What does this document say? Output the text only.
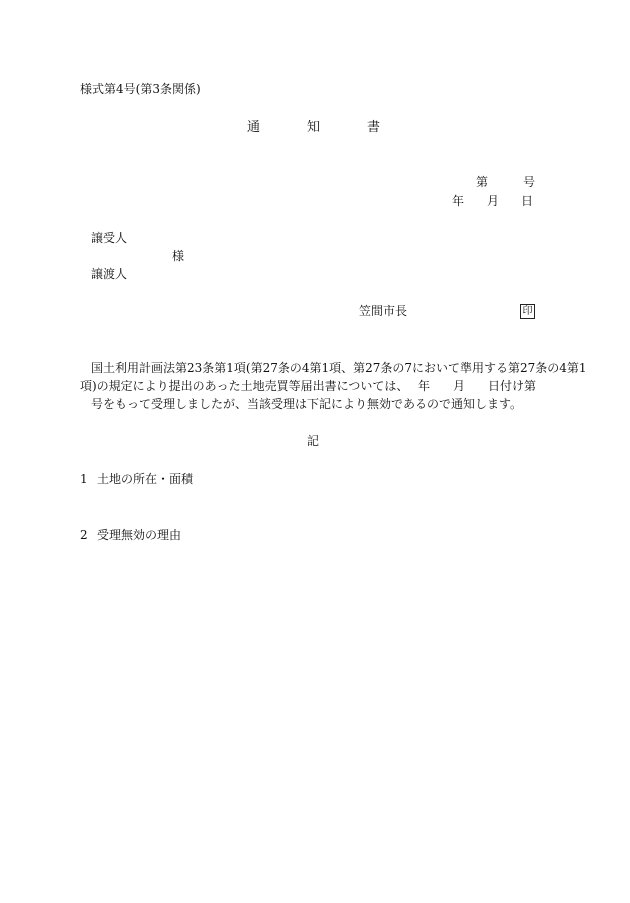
様式第4号(第3条関係)
通	知	書
第	号
年 月 日
譲受人
様
譲渡人
笠間市長	印
国土利用計画法第23条第1項(第27条の4第1項、第27条の7において準用する第27条の4第1
項)の規定により提出のあった土地売買等届出書については、 年 月 日付け第
号をもって受理しましたが、当該受理は下記により無効であるので通知します。
記
1 土地の所在・面積
2 受理無効の理由
